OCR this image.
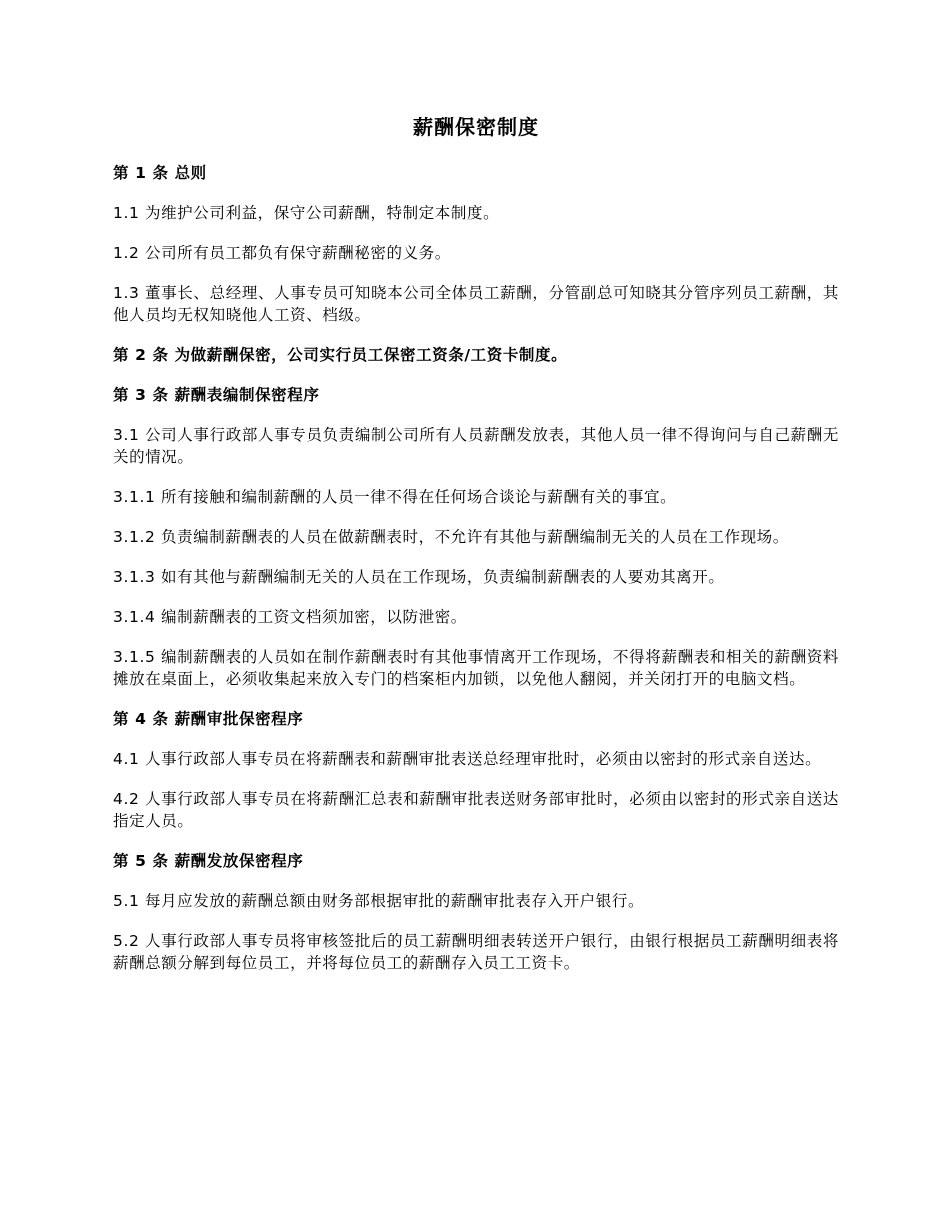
薪酬保密制度

第 1 条 总则

1.1 为维护公司利益，保守公司薪酬，特制定本制度。

1.2 公司所有员工都负有保守薪酬秘密的义务。

1.3 董事长、总经理、人事专员可知晓本公司全体员工薪酬，分管副总可知晓其分管序列员工薪酬，其他人员均无权知晓他人工资、档级。

第 2 条 为做薪酬保密，公司实行员工保密工资条/工资卡制度。

第 3 条 薪酬表编制保密程序

3.1 公司人事行政部人事专员负责编制公司所有人员薪酬发放表，其他人员一律不得询问与自己薪酬无关的情况。

3.1.1 所有接触和编制薪酬的人员一律不得在任何场合谈论与薪酬有关的事宜。

3.1.2 负责编制薪酬表的人员在做薪酬表时，不允许有其他与薪酬编制无关的人员在工作现场。

3.1.3 如有其他与薪酬编制无关的人员在工作现场，负责编制薪酬表的人要劝其离开。

3.1.4 编制薪酬表的工资文档须加密，以防泄密。

3.1.5 编制薪酬表的人员如在制作薪酬表时有其他事情离开工作现场，不得将薪酬表和相关的薪酬资料摊放在桌面上，必须收集起来放入专门的档案柜内加锁，以免他人翻阅，并关闭打开的电脑文档。

第 4 条 薪酬审批保密程序

4.1 人事行政部人事专员在将薪酬表和薪酬审批表送总经理审批时，必须由以密封的形式亲自送达。

4.2 人事行政部人事专员在将薪酬汇总表和薪酬审批表送财务部审批时，必须由以密封的形式亲自送达指定人员。

第 5 条 薪酬发放保密程序

5.1 每月应发放的薪酬总额由财务部根据审批的薪酬审批表存入开户银行。

5.2 人事行政部人事专员将审核签批后的员工薪酬明细表转送开户银行，由银行根据员工薪酬明细表将薪酬总额分解到每位员工，并将每位员工的薪酬存入员工工资卡。
